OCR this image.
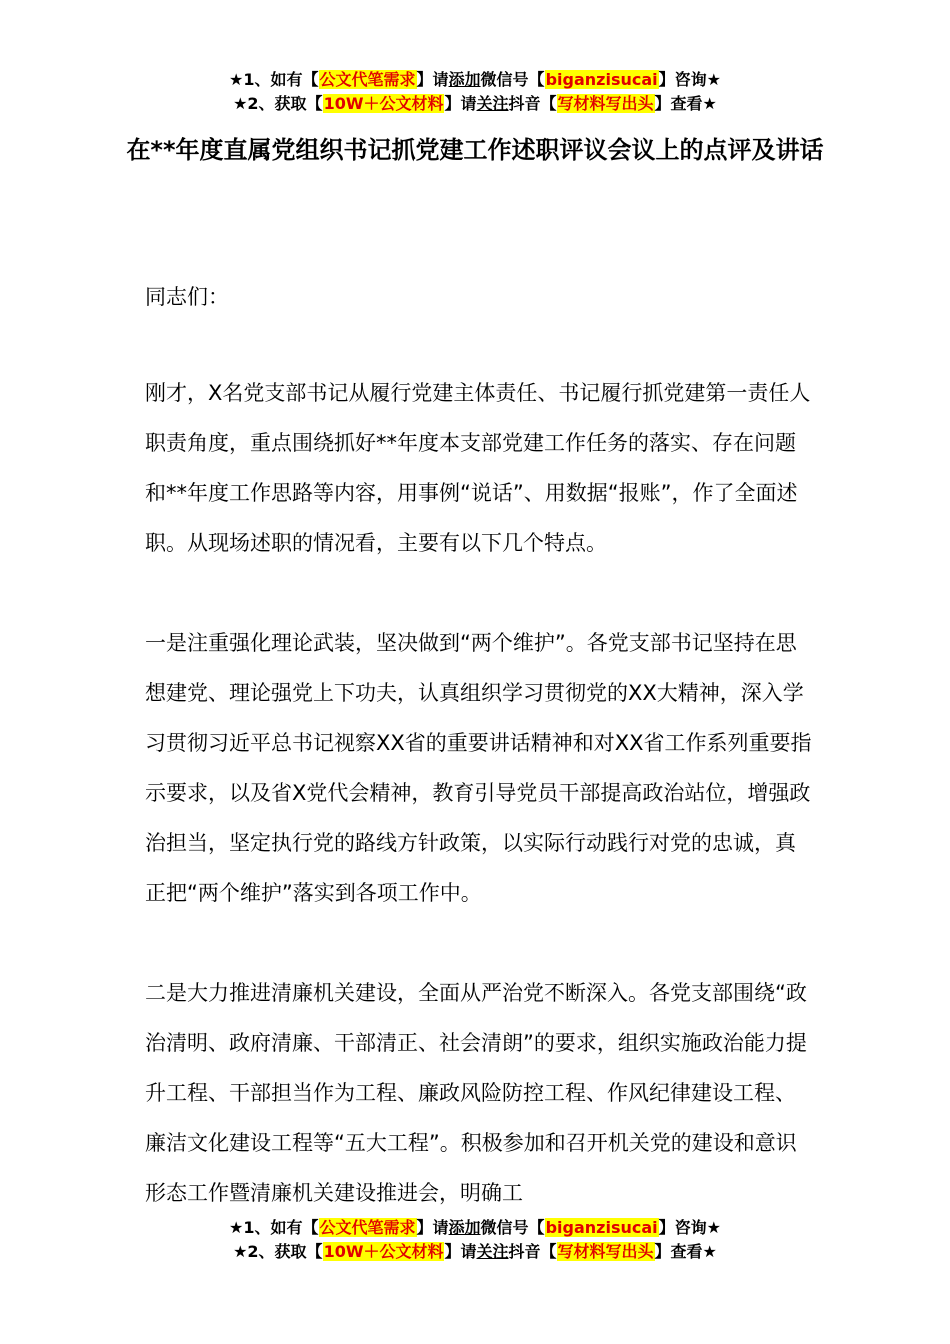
★1、如有【公文代笔需求】请添加微信号【biganzisucai】咨询★
★2、获取【10W＋公文材料】请关注抖音【写材料写出头】查看★
在**年度直属党组织书记抓党建工作述职评议会议上的点评及讲话
同志们：

刚才，X名党支部书记从履行党建主体责任、书记履行抓党建第一责任人职责角度，重点围绕抓好**年度本支部党建工作任务的落实、存在问题和**年度工作思路等内容，用事例“说话”、用数据“报账”，作了全面述职。从现场述职的情况看，主要有以下几个特点。

一是注重强化理论武装，坚决做到“两个维护”。各党支部书记坚持在思想建党、理论强党上下功夫，认真组织学习贯彻党的XX大精神，深入学习贯彻习近平总书记视察XX省的重要讲话精神和对XX省工作系列重要指示要求，以及省X党代会精神，教育引导党员干部提高政治站位，增强政治担当，坚定执行党的路线方针政策，以实际行动践行对党的忠诚，真正把“两个维护”落实到各项工作中。

二是大力推进清廉机关建设，全面从严治党不断深入。各党支部围绕“政治清明、政府清廉、干部清正、社会清朗”的要求，组织实施政治能力提升工程、干部担当作为工程、廉政风险防控工程、作风纪律建设工程、廉洁文化建设工程等“五大工程”。积极参加和召开机关党的建设和意识形态工作暨清廉机关建设推进会，明确工

★1、如有【公文代笔需求】请添加微信号【biganzisucai】咨询★
★2、获取【10W＋公文材料】请关注抖音【写材料写出头】查看★
